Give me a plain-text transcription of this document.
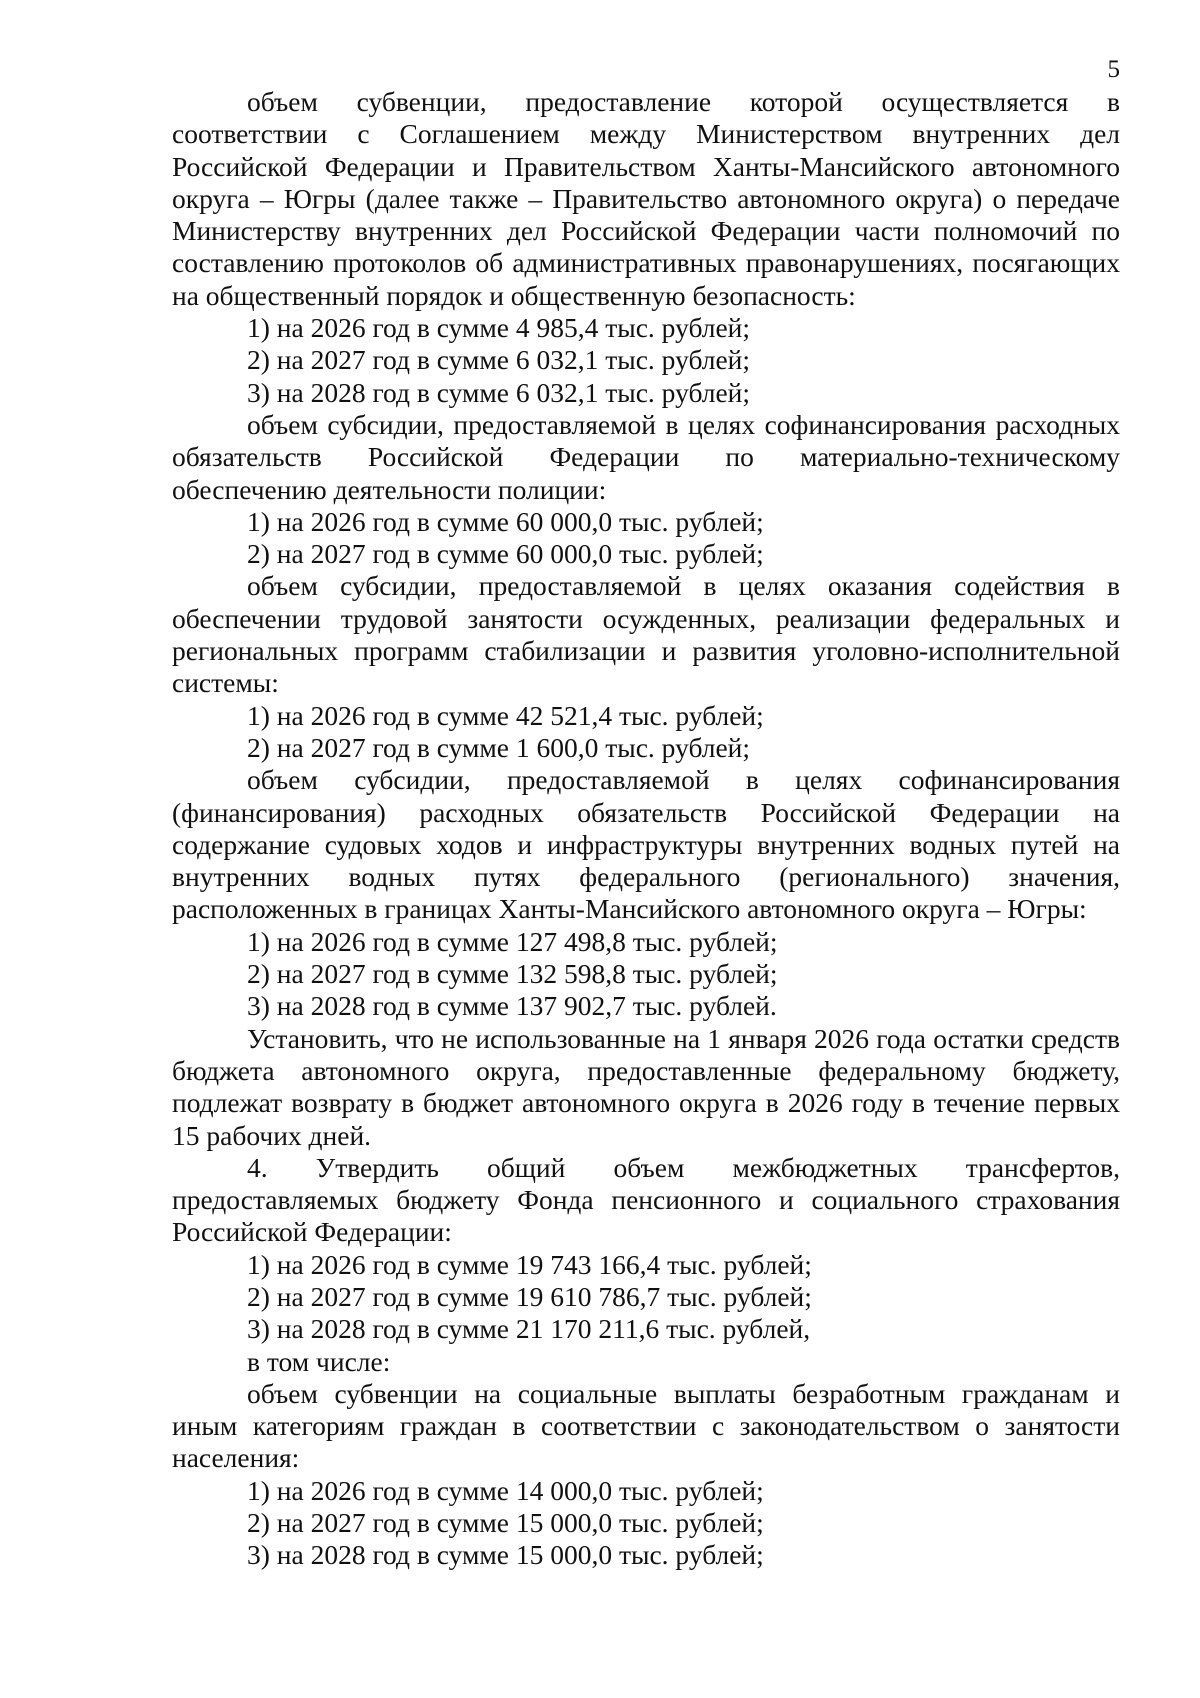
5

объем субвенции, предоставление которой осуществляется в соответствии с Соглашением между Министерством внутренних дел Российской Федерации и Правительством Ханты-Мансийского автономного округа – Югры (далее также – Правительство автономного округа) о передаче Министерству внутренних дел Российской Федерации части полномочий по составлению протоколов об административных правонарушениях, посягающих на общественный порядок и общественную безопасность:

1) на 2026 год в сумме 4 985,4 тыс. рублей;

2) на 2027 год в сумме 6 032,1 тыс. рублей;

3) на 2028 год в сумме 6 032,1 тыс. рублей;

объем субсидии, предоставляемой в целях софинансирования расходных обязательств Российской Федерации по материально-техническому обеспечению деятельности полиции:

1) на 2026 год в сумме 60 000,0 тыс. рублей;

2) на 2027 год в сумме 60 000,0 тыс. рублей;

объем субсидии, предоставляемой в целях оказания содействия в обеспечении трудовой занятости осужденных, реализации федеральных и региональных программ стабилизации и развития уголовно-исполнительной системы:

1) на 2026 год в сумме 42 521,4 тыс. рублей;

2) на 2027 год в сумме 1 600,0 тыс. рублей;

объем субсидии, предоставляемой в целях софинансирования (финансирования) расходных обязательств Российской Федерации на содержание судовых ходов и инфраструктуры внутренних водных путей на внутренних водных путях федерального (регионального) значения, расположенных в границах Ханты-Мансийского автономного округа – Югры:

1) на 2026 год в сумме 127 498,8 тыс. рублей;

2) на 2027 год в сумме 132 598,8 тыс. рублей;

3) на 2028 год в сумме 137 902,7 тыс. рублей.

Установить, что не использованные на 1 января 2026 года остатки средств бюджета автономного округа, предоставленные федеральному бюджету, подлежат возврату в бюджет автономного округа в 2026 году в течение первых 15 рабочих дней.

4. Утвердить общий объем межбюджетных трансфертов, предоставляемых бюджету Фонда пенсионного и социального страхования Российской Федерации:

1) на 2026 год в сумме 19 743 166,4 тыс. рублей;

2) на 2027 год в сумме 19 610 786,7 тыс. рублей;

3) на 2028 год в сумме 21 170 211,6 тыс. рублей,

в том числе:

объем субвенции на социальные выплаты безработным гражданам и иным категориям граждан в соответствии с законодательством о занятости населения:

1) на 2026 год в сумме 14 000,0 тыс. рублей;

2) на 2027 год в сумме 15 000,0 тыс. рублей;

3) на 2028 год в сумме 15 000,0 тыс. рублей;
